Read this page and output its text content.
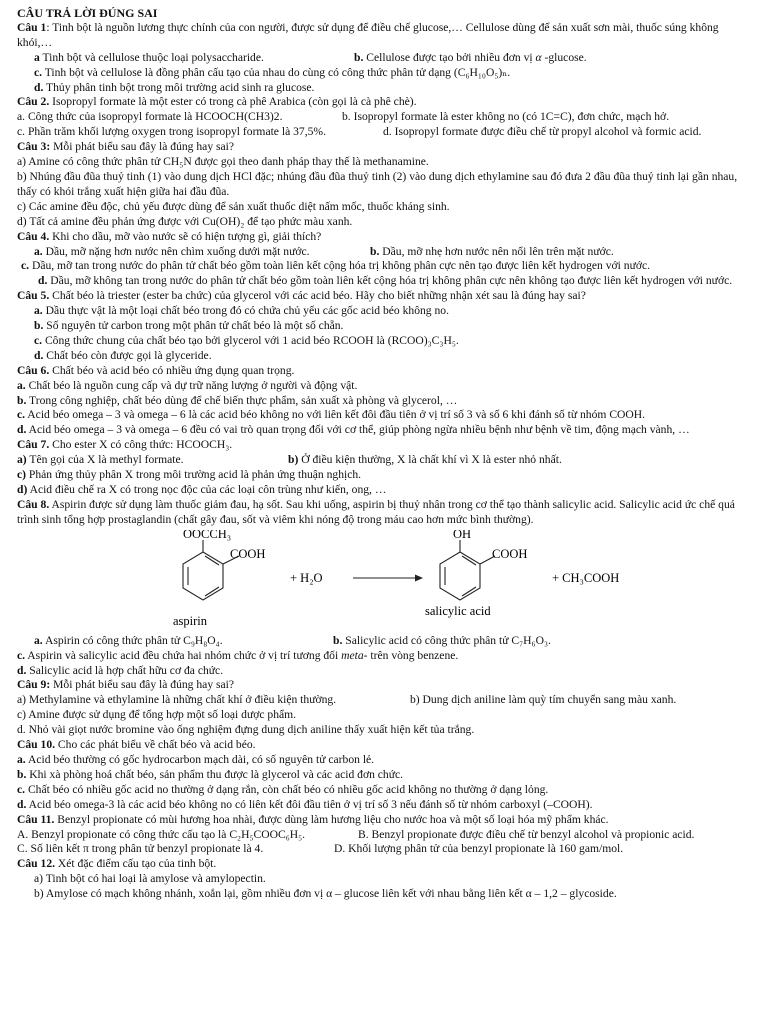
CÂU TRẢ LỜI ĐÚNG SAI
Câu 1: Tinh bột là nguồn lương thực chính của con người, được sử dụng để điều chế glucose,… Cellulose dùng để sản xuất sơn mài, thuốc súng không khói,…
a Tinh bột và cellulose thuộc loại polysaccharide.	b. Cellulose được tạo bởi nhiều đơn vị α -glucose.
c. Tinh bột và cellulose là đồng phân cấu tạo của nhau do cùng có công thức phân tử dạng (C₆H₁₀O₅)ₙ.
d. Thủy phân tinh bột trong môi trường acid sinh ra glucose.
Câu 2. Isopropyl formate là một ester có trong cà phê Arabica (còn gọi là cà phê chè).
a. Công thức của isopropyl formate là HCOOCH(CH3)2.	b. Isopropyl formate là ester không no (có 1C=C), đơn chức, mạch hở.
c. Phần trăm khối lượng oxygen trong isopropyl formate là 37,5%.	d. Isopropyl formate được điều chế từ propyl alcohol và formic acid.
Câu 3: Mỗi phát biểu sau đây là đúng hay sai?
a) Amine có công thức phân tử CH₅N được gọi theo danh pháp thay thế là methanamine.
b) Nhúng đầu đũa thuỷ tinh (1) vào dung dịch HCl đặc; nhúng đầu đũa thuỷ tinh (2) vào dung dịch ethylamine sau đó đưa 2 đầu đũa thuỷ tinh lại gần nhau, thấy có khói trắng xuất hiện giữa hai đầu đũa.
c) Các amine đều độc, chủ yếu được dùng để sản xuất thuốc diệt nấm mốc, thuốc kháng sinh.
d) Tất cả amine đều phản ứng được với Cu(OH)₂ để tạo phức màu xanh.
Câu 4. Khi cho dầu, mỡ vào nước sẽ có hiện tượng gì, giải thích?
a. Dầu, mỡ nặng hơn nước nên chìm xuống dưới mặt nước.	b. Dầu, mỡ nhẹ hơn nước nên nổi lên trên mặt nước.
c. Dầu, mỡ tan trong nước do phân tử chất béo gồm toàn liên kết cộng hóa trị không phân cực nên tạo được liên kết hydrogen với nước.
d. Dầu, mỡ không tan trong nước do phân tử chất béo gồm toàn liên kết cộng hóa trị không phân cực nên không tạo được liên kết hydrogen với nước.
Câu 5. Chất béo là triester (ester ba chức) của glycerol với các acid béo. Hãy cho biết những nhận xét sau là đúng hay sai?
a. Dầu thực vật là một loại chất béo trong đó có chứa chủ yếu các gốc acid béo không no.
b. Số nguyên tử carbon trong một phân tử chất béo là một số chẵn.
c. Công thức chung của chất béo tạo bởi glycerol với 1 acid béo RCOOH là (RCOO)₃C₃H₅.
d. Chất béo còn được gọi là glyceride.
Câu 6. Chất béo và acid béo có nhiều ứng dụng quan trọng.
a. Chất béo là nguồn cung cấp và dự trữ năng lượng ở người và động vật.
b. Trong công nghiệp, chất béo dùng để chế biến thực phẩm, sản xuất xà phòng và glycerol, …
c. Acid béo omega – 3 và omega – 6 là các acid béo không no với liên kết đôi đầu tiên ở vị trí số 3 và số 6 khi đánh số từ nhóm COOH.
d. Acid béo omega – 3 và omega – 6 đều có vai trò quan trọng đối với cơ thể, giúp phòng ngừa nhiều bệnh như bệnh về tim, động mạch vành, …
Câu 7. Cho ester X có công thức: HCOOCH₃.
a) Tên gọi của X là methyl formate.	b) Ở điều kiện thường, X là chất khí vì X là ester nhỏ nhất.
c) Phản ứng thủy phân X trong môi trường acid là phản ứng thuận nghịch.
d) Acid điều chế ra X có trong nọc độc của các loại côn trùng như kiến, ong, …
Câu 8. Aspirin được sử dụng làm thuốc giảm đau, hạ sốt. Sau khi uống, aspirin bị thuỷ nhân trong cơ thể tạo thành salicylic acid. Salicylic acid ức chế quá trình sinh tổng hợp prostaglandin (chất gây đau, sốt và viêm khi nóng độ trong máu cao hơn mức bình thường).
OOCCH₃
COOH
+ H₂O
aspirin
OH
COOH
salicylic acid
+ CH₃COOH
a. Aspirin có công thức phân tử C₉H₈O₄.	b. Salicylic acid có công thức phân tử C₇H₆O₃.
c. Aspirin và salicylic acid đều chứa hai nhóm chức ở vị trí tương đối meta- trên vòng benzene.
d. Salicylic acid là hợp chất hữu cơ đa chức.
Câu 9: Mỗi phát biểu sau đây là đúng hay sai?
a) Methylamine và ethylamine là những chất khí ở điều kiện thường.	b) Dung dịch aniline làm quỳ tím chuyển sang màu xanh.
c) Amine được sử dụng để tổng hợp một số loại dược phẩm.
d. Nhỏ vài giọt nước bromine vào ống nghiệm đựng dung dịch aniline thấy xuất hiện kết tủa trắng.
Câu 10. Cho các phát biểu về chất béo và acid béo.
a. Acid béo thường có gốc hydrocarbon mạch dài, có số nguyên tử carbon lẻ.
b. Khi xà phòng hoá chất béo, sản phẩm thu được là glycerol và các acid đơn chức.
c. Chất béo có nhiều gốc acid no thường ở dạng rắn, còn chất béo có nhiều gốc acid không no thường ở dạng lỏng.
d. Acid béo omega-3 là các acid béo không no có liên kết đôi đầu tiên ở vị trí số 3 nếu đánh số từ nhóm carboxyl (–COOH).
Câu 11. Benzyl propionate có mùi hương hoa nhài, được dùng làm hương liệu cho nước hoa và một số loại hóa mỹ phẩm khác.
A. Benzyl propionate có công thức cấu tạo là C₂H₅COOC₆H₅.	B. Benzyl propionate được điều chế từ benzyl alcohol và propionic acid.
C. Số liên kết π trong phân tử benzyl propionate là 4.	D. Khối lượng phân tử của benzyl propionate là 160 gam/mol.
Câu 12. Xét đặc điểm cấu tạo của tinh bột.
a) Tinh bột có hai loại là amylose và amylopectin.
b) Amylose có mạch không nhánh, xoắn lại, gồm nhiều đơn vị α – glucose liên kết với nhau bằng liên kết α – 1,2 – glycoside.
